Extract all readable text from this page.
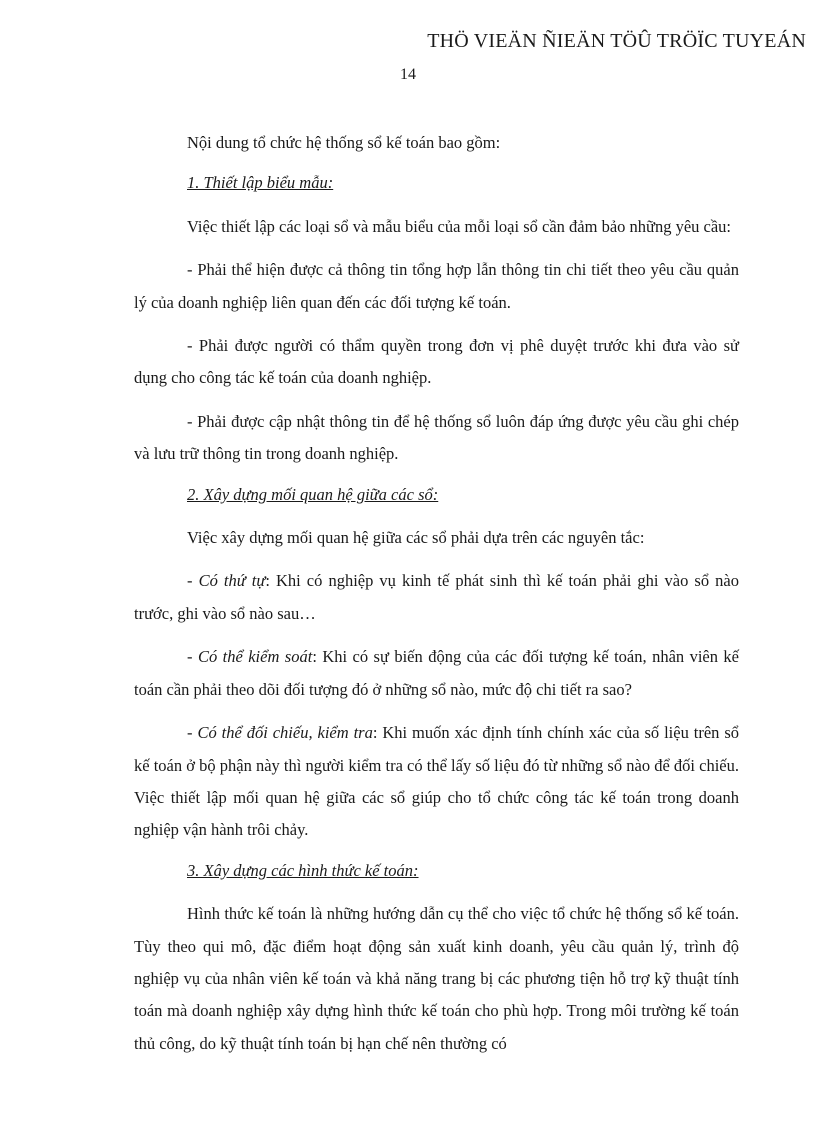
THÖ VIEÄN ÑIEÄN TÖÛ TRÖÏC TUYEÁN
14

Nội dung tổ chức hệ thống sổ kế toán bao gồm:

1. Thiết lập biểu mẫu:

Việc thiết lập các loại sổ và mẫu biểu của mỗi loại sổ cần đảm bảo những yêu cầu:

- Phải thể hiện được cả thông tin tổng hợp lẫn thông tin chi tiết theo yêu cầu quản lý của doanh nghiệp liên quan đến các đối tượng kế toán.

- Phải được người có thẩm quyền trong đơn vị phê duyệt trước khi đưa vào sử dụng cho công tác kế toán của doanh nghiệp.

- Phải được cập nhật thông tin để hệ thống sổ luôn đáp ứng được yêu cầu ghi chép và lưu trữ thông tin trong doanh nghiệp.

2. Xây dựng mối quan hệ giữa các sổ:

Việc xây dựng mối quan hệ giữa các sổ phải dựa trên các nguyên tắc:

- Có thứ tự: Khi có nghiệp vụ kinh tế phát sinh thì kế toán phải ghi vào sổ nào trước, ghi vào sổ nào sau…

- Có thể kiểm soát: Khi có sự biến động của các đối tượng kế toán, nhân viên kế toán cần phải theo dõi đối tượng đó ở những sổ nào, mức độ chi tiết ra sao?

- Có thể đối chiếu, kiểm tra: Khi muốn xác định tính chính xác của số liệu trên sổ kế toán ở bộ phận này thì người kiểm tra có thể lấy số liệu đó từ những sổ nào để đối chiếu. Việc thiết lập mối quan hệ giữa các sổ giúp cho tổ chức công tác kế toán trong doanh nghiệp vận hành trôi chảy.

3. Xây dựng các hình thức kế toán:

Hình thức kế toán là những hướng dẫn cụ thể cho việc tổ chức hệ thống sổ kế toán. Tùy theo qui mô, đặc điểm hoạt động sản xuất kinh doanh, yêu cầu quản lý, trình độ nghiệp vụ của nhân viên kế toán và khả năng trang bị các phương tiện hỗ trợ kỹ thuật tính toán mà doanh nghiệp xây dựng hình thức kế toán cho phù hợp. Trong môi trường kế toán thủ công, do kỹ thuật tính toán bị hạn chế nên thường có
